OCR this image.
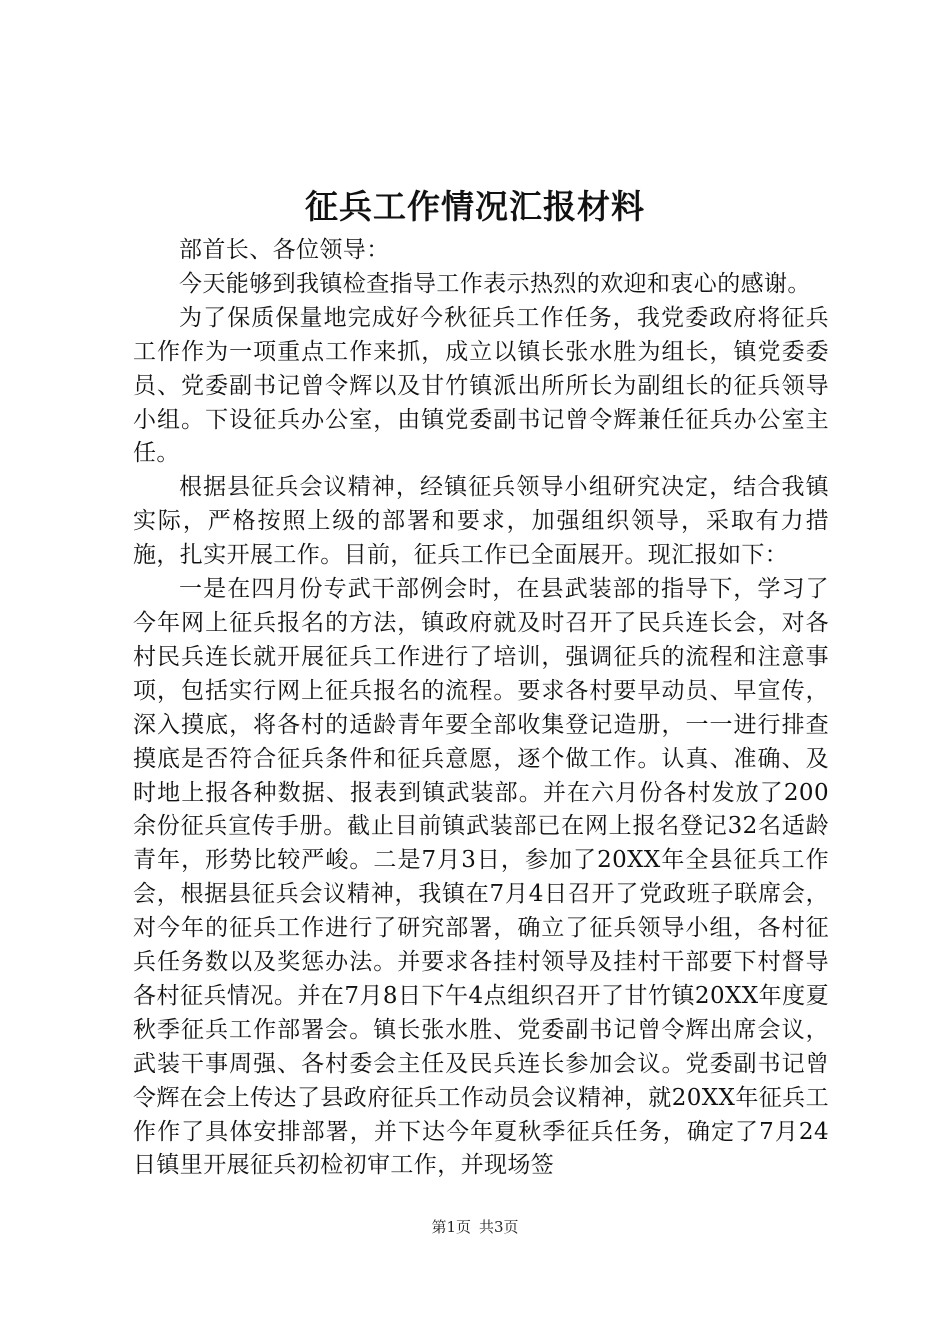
征兵工作情况汇报材料

部首长、各位领导：

今天能够到我镇检查指导工作表示热烈的欢迎和衷心的感谢。

为了保质保量地完成好今秋征兵工作任务，我党委政府将征兵工作作为一项重点工作来抓，成立以镇长张水胜为组长，镇党委委员、党委副书记曾令辉以及甘竹镇派出所所长为副组长的征兵领导小组。下设征兵办公室，由镇党委副书记曾令辉兼任征兵办公室主任。

根据县征兵会议精神，经镇征兵领导小组研究决定，结合我镇实际，严格按照上级的部署和要求，加强组织领导，采取有力措施，扎实开展工作。目前，征兵工作已全面展开。现汇报如下：

一是在四月份专武干部例会时，在县武装部的指导下，学习了今年网上征兵报名的方法，镇政府就及时召开了民兵连长会，对各村民兵连长就开展征兵工作进行了培训，强调征兵的流程和注意事项，包括实行网上征兵报名的流程。要求各村要早动员、早宣传，深入摸底，将各村的适龄青年要全部收集登记造册，一一进行排查摸底是否符合征兵条件和征兵意愿，逐个做工作。认真、准确、及时地上报各种数据、报表到镇武装部。并在六月份各村发放了200余份征兵宣传手册。截止目前镇武装部已在网上报名登记32名适龄青年，形势比较严峻。二是7月3日，参加了20XX年全县征兵工作会，根据县征兵会议精神，我镇在7月4日召开了党政班子联席会，对今年的征兵工作进行了研究部署，确立了征兵领导小组，各村征兵任务数以及奖惩办法。并要求各挂村领导及挂村干部要下村督导各村征兵情况。并在7月8日下午4点组织召开了甘竹镇20XX年度夏秋季征兵工作部署会。镇长张水胜、党委副书记曾令辉出席会议，武装干事周强、各村委会主任及民兵连长参加会议。党委副书记曾令辉在会上传达了县政府征兵工作动员会议精神，就20XX年征兵工作作了具体安排部署，并下达今年夏秋季征兵任务，确定了7月24日镇里开展征兵初检初审工作，并现场签

第1页 共3页
